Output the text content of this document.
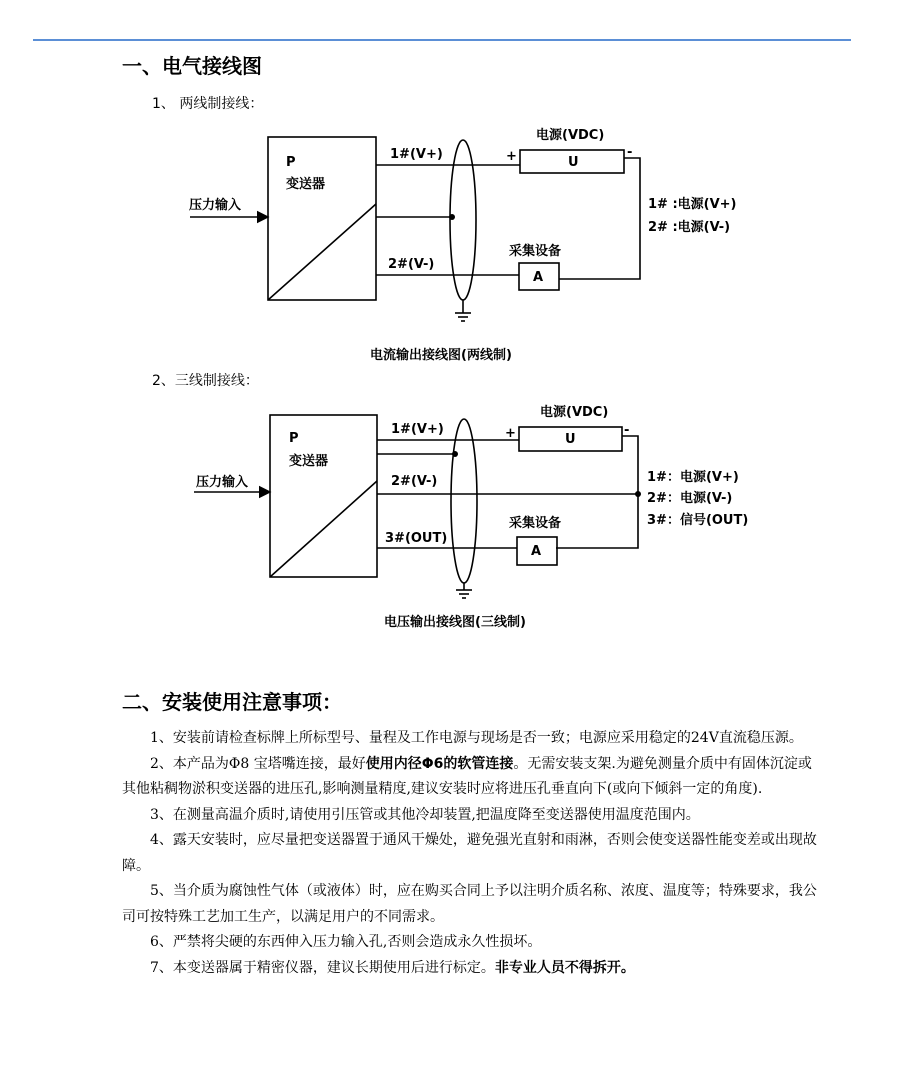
一、电气接线图
1、 两线制接线：
2、三线制接线：
P
变送器
压力输入
1#(V+)
2#(V-)
电源(VDC)
U
+	-
采集设备
A
1# :电源(V+)
2# :电源(V-)
电流输出接线图(两线制)
P
变送器
压力输入
1#(V+)
2#(V-)
3#(OUT)
电源(VDC)
U
+	-
采集设备
A
1#：电源(V+)
2#：电源(V-)
3#：信号(OUT)
电压输出接线图(三线制)
二、安装使用注意事项：

1、安装前请检查标牌上所标型号、量程及工作电源与现场是否一致；电源应采用稳定的24V直流稳压源。

2、本产品为Φ8 宝塔嘴连接，最好使用内径Φ6的软管连接。无需安装支架.为避免测量介质中有固体沉淀或其他粘稠物淤积变送器的进压孔,影响测量精度,建议安装时应将进压孔垂直向下(或向下倾斜一定的角度).

3、在测量高温介质时,请使用引压管或其他冷却装置,把温度降至变送器使用温度范围内。

4、露天安装时，应尽量把变送器置于通风干燥处，避免强光直射和雨淋，否则会使变送器性能变差或出现故障。

5、当介质为腐蚀性气体（或液体）时，应在购买合同上予以注明介质名称、浓度、温度等；特殊要求，我公司可按特殊工艺加工生产，以满足用户的不同需求。

6、严禁将尖硬的东西伸入压力输入孔,否则会造成永久性损坏。

7、本变送器属于精密仪器，建议长期使用后进行标定。非专业人员不得拆开。
